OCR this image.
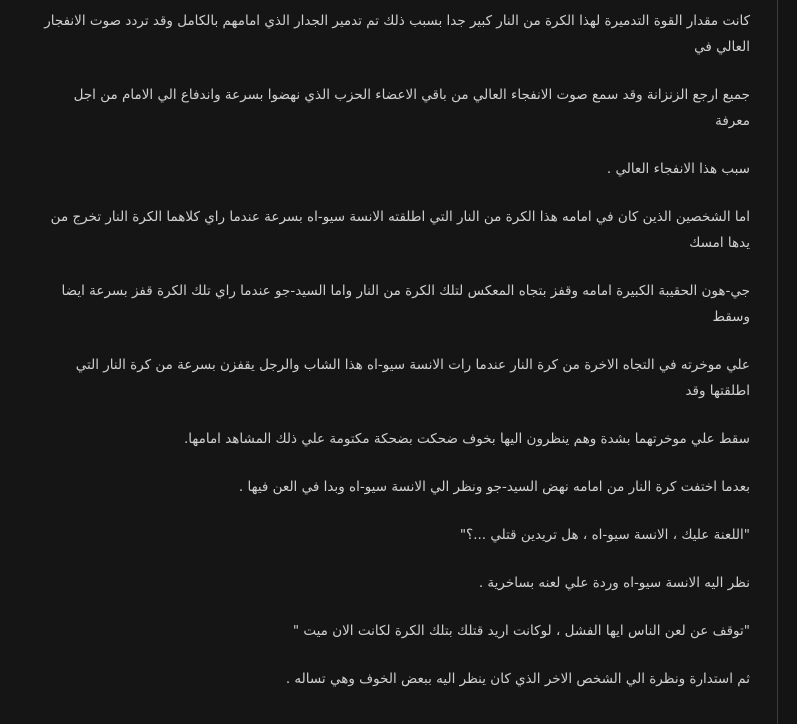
كانت مقدار القوة التدميرة لهذا الكرة من النار كبير جدا بسبب ذلك تم تدمير الجدار الذي امامهم بالكامل وقد تردد صوت الانفجار العالي في

جميع ارجع الزنزانة وقد سمع صوت الانفجاء العالي من باقي الاعضاء الحزب الذي نهضوا بسرعة واندفاع الي الامام من اجل معرفة

سبب هذا الانفجاء العالي .

اما الشخصين الذين كان في امامه هذا الكرة من النار التي اطلقته الانسة سيو-اه بسرعة عندما راي كلاهما الكرة النار تخرج من يدها امسك

جي-هون الحقيبة الكبيرة امامه وقفز بتجاه المعكس لتلك الكرة من النار واما السيد-جو عندما راي تلك الكرة قفز بسرعة ايضا وسقط

علي موخرته في التجاه الاخرة من كرة النار عندما رات الانسة سيو-اه هذا الشاب والرجل يقفزن بسرعة من كرة النار التي اطلقتها وقد

سقط علي موخرتهما بشدة وهم ينظرون اليها بخوف ضحكت بضحكة مكتومة علي ذلك المشاهد امامها.

بعدما اختفت كرة النار من امامه نهض السيد-جو ونظر الي الانسة سيو-اه وبدا في العن فيها .

"اللعنة عليك ، الانسة سيو-اه ، هل تريدين قتلي ...؟"

نظر اليه الانسة سيو-اه وردة علي لعنه بساخرية .

"توقف عن لعن الناس ايها الفشل ، لوكانت اريد قتلك بتلك الكرة لكانت الان ميت "

ثم استدارة ونظرة الي الشخص الاخر الذي كان ينظر اليه ببعض الخوف وهي تساله .
